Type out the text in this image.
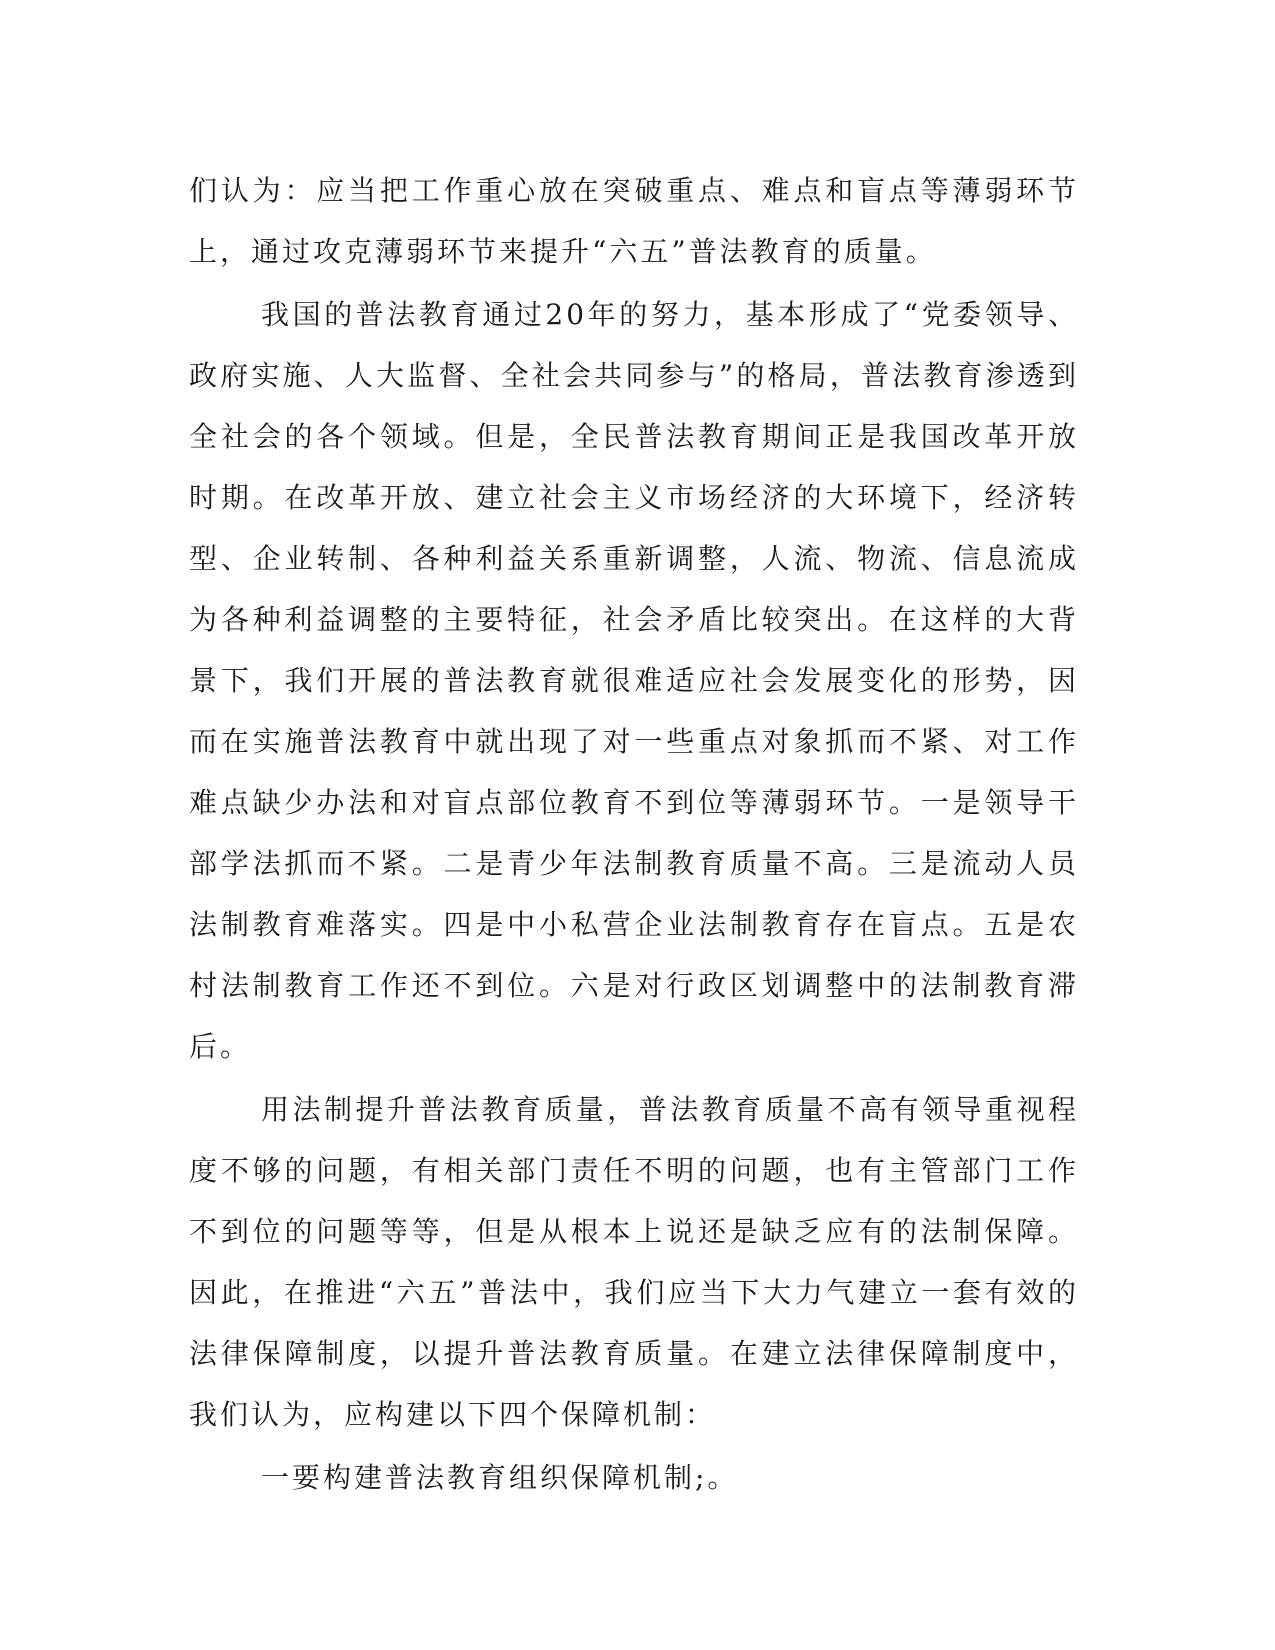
们认为：应当把工作重心放在突破重点、难点和盲点等薄弱环节上，通过攻克薄弱环节来提升“六五”普法教育的质量。

我国的普法教育通过20年的努力，基本形成了“党委领导、政府实施、人大监督、全社会共同参与”的格局，普法教育渗透到全社会的各个领域。但是，全民普法教育期间正是我国改革开放时期。在改革开放、建立社会主义市场经济的大环境下，经济转型、企业转制、各种利益关系重新调整，人流、物流、信息流成为各种利益调整的主要特征，社会矛盾比较突出。在这样的大背景下，我们开展的普法教育就很难适应社会发展变化的形势，因而在实施普法教育中就出现了对一些重点对象抓而不紧、对工作难点缺少办法和对盲点部位教育不到位等薄弱环节。一是领导干部学法抓而不紧。二是青少年法制教育质量不高。三是流动人员法制教育难落实。四是中小私营企业法制教育存在盲点。五是农村法制教育工作还不到位。六是对行政区划调整中的法制教育滞后。

用法制提升普法教育质量，普法教育质量不高有领导重视程度不够的问题，有相关部门责任不明的问题，也有主管部门工作不到位的问题等等，但是从根本上说还是缺乏应有的法制保障。因此，在推进“六五”普法中，我们应当下大力气建立一套有效的法律保障制度，以提升普法教育质量。在建立法律保障制度中，我们认为，应构建以下四个保障机制：

一要构建普法教育组织保障机制;。
